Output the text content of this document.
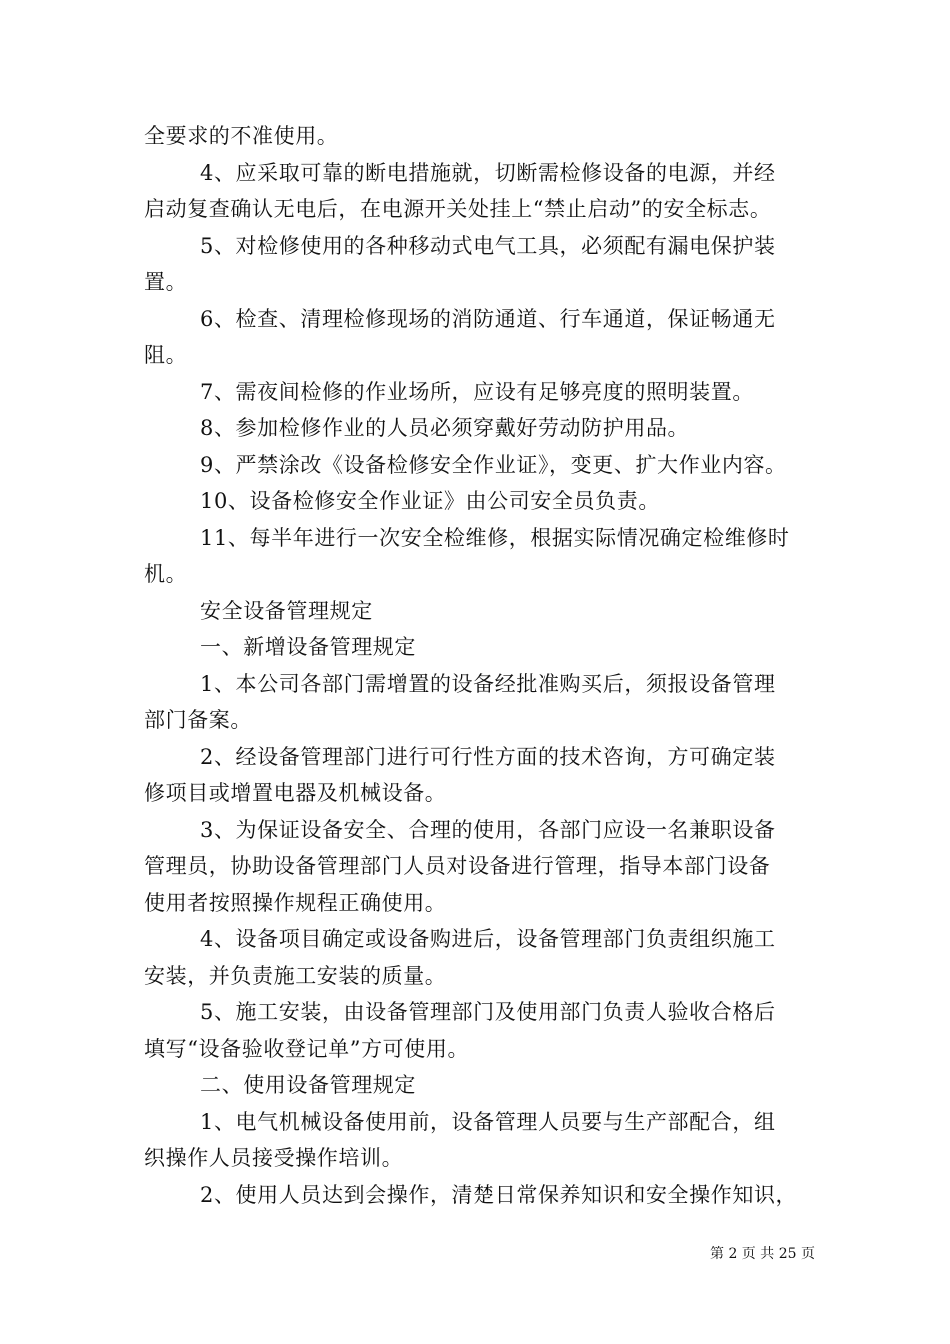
全要求的不准使用。
4、应采取可靠的断电措施就，切断需检修设备的电源，并经
启动复查确认无电后，在电源开关处挂上“禁止启动”的安全标志。
5、对检修使用的各种移动式电气工具，必须配有漏电保护装
置。
6、检查、清理检修现场的消防通道、行车通道，保证畅通无
阻。
7、需夜间检修的作业场所，应设有足够亮度的照明装置。
8、参加检修作业的人员必须穿戴好劳动防护用品。
9、严禁涂改《设备检修安全作业证》，变更、扩大作业内容。
10、设备检修安全作业证》由公司安全员负责。
11、每半年进行一次安全检维修，根据实际情况确定检维修时
机。
安全设备管理规定
一、新增设备管理规定
1、本公司各部门需增置的设备经批准购买后，须报设备管理
部门备案。
2、经设备管理部门进行可行性方面的技术咨询，方可确定装
修项目或增置电器及机械设备。
3、为保证设备安全、合理的使用，各部门应设一名兼职设备
管理员，协助设备管理部门人员对设备进行管理，指导本部门设备
使用者按照操作规程正确使用。
4、设备项目确定或设备购进后，设备管理部门负责组织施工
安装，并负责施工安装的质量。
5、施工安装，由设备管理部门及使用部门负责人验收合格后
填写“设备验收登记单”方可使用。
二、使用设备管理规定
1、电气机械设备使用前，设备管理人员要与生产部配合，组
织操作人员接受操作培训。
2、使用人员达到会操作，清楚日常保养知识和安全操作知识，
第 2 页 共 25 页
